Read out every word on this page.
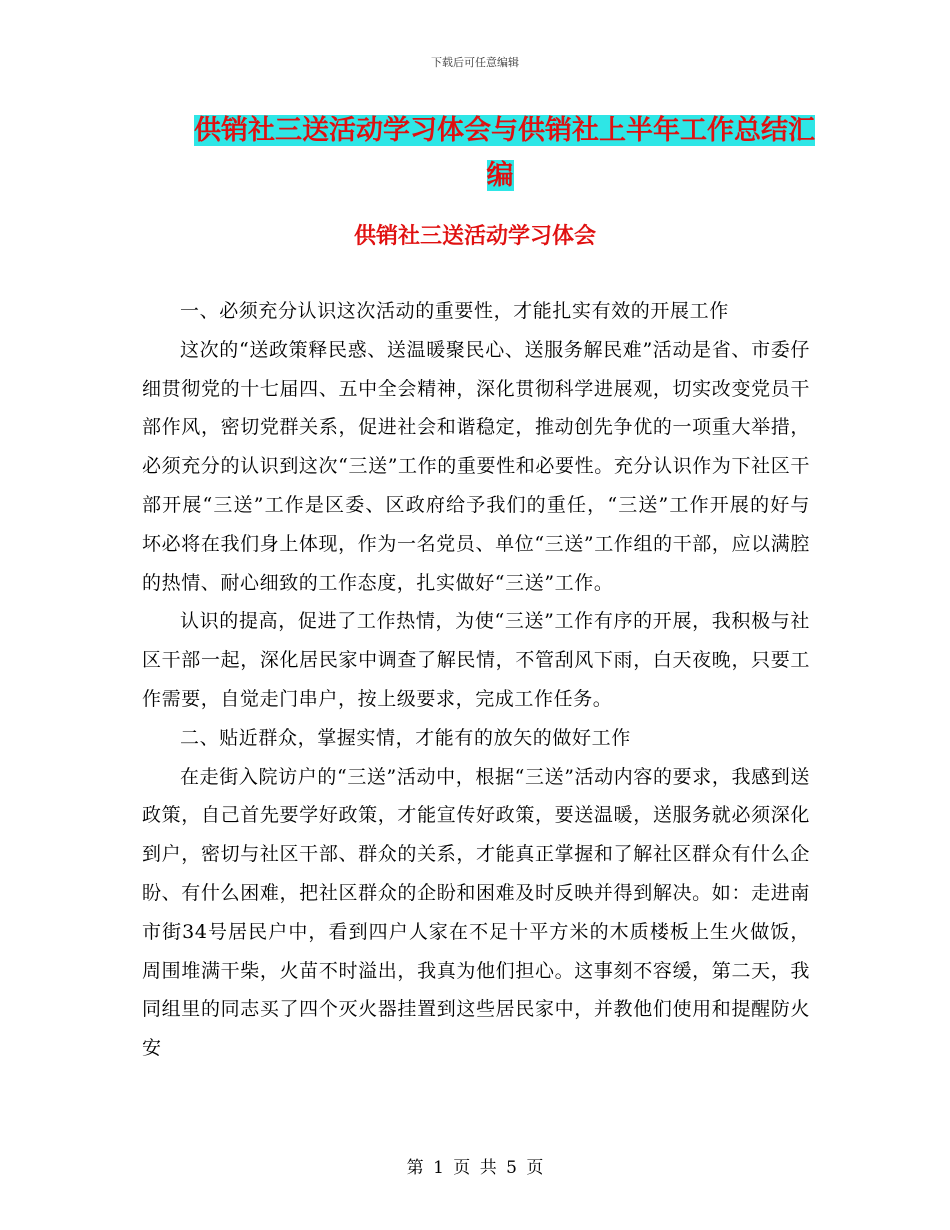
下载后可任意编辑
供销社三送活动学习体会与供销社上半年工作总结汇
编
供销社三送活动学习体会

一、必须充分认识这次活动的重要性，才能扎实有效的开展工作

这次的“送政策释民惑、送温暖聚民心、送服务解民难”活动是省、市委仔细贯彻党的十七届四、五中全会精神，深化贯彻科学进展观，切实改变党员干部作风，密切党群关系，促进社会和谐稳定，推动创先争优的一项重大举措，必须充分的认识到这次“三送”工作的重要性和必要性。充分认识作为下社区干部开展“三送”工作是区委、区政府给予我们的重任，“三送”工作开展的好与坏必将在我们身上体现，作为一名党员、单位“三送”工作组的干部，应以满腔的热情、耐心细致的工作态度，扎实做好“三送”工作。

认识的提高，促进了工作热情，为使“三送”工作有序的开展，我积极与社区干部一起，深化居民家中调查了解民情，不管刮风下雨，白天夜晚，只要工作需要，自觉走门串户，按上级要求，完成工作任务。

二、贴近群众，掌握实情，才能有的放矢的做好工作

在走街入院访户的“三送”活动中，根据“三送”活动内容的要求，我感到送政策，自己首先要学好政策，才能宣传好政策，要送温暖，送服务就必须深化到户，密切与社区干部、群众的关系，才能真正掌握和了解社区群众有什么企盼、有什么困难，把社区群众的企盼和困难及时反映并得到解决。如：走进南市街34号居民户中，看到四户人家在不足十平方米的木质楼板上生火做饭，周围堆满干柴，火苗不时溢出，我真为他们担心。这事刻不容缓，第二天，我同组里的同志买了四个灭火器挂置到这些居民家中，并教他们使用和提醒防火安

第 1 页 共 5 页
